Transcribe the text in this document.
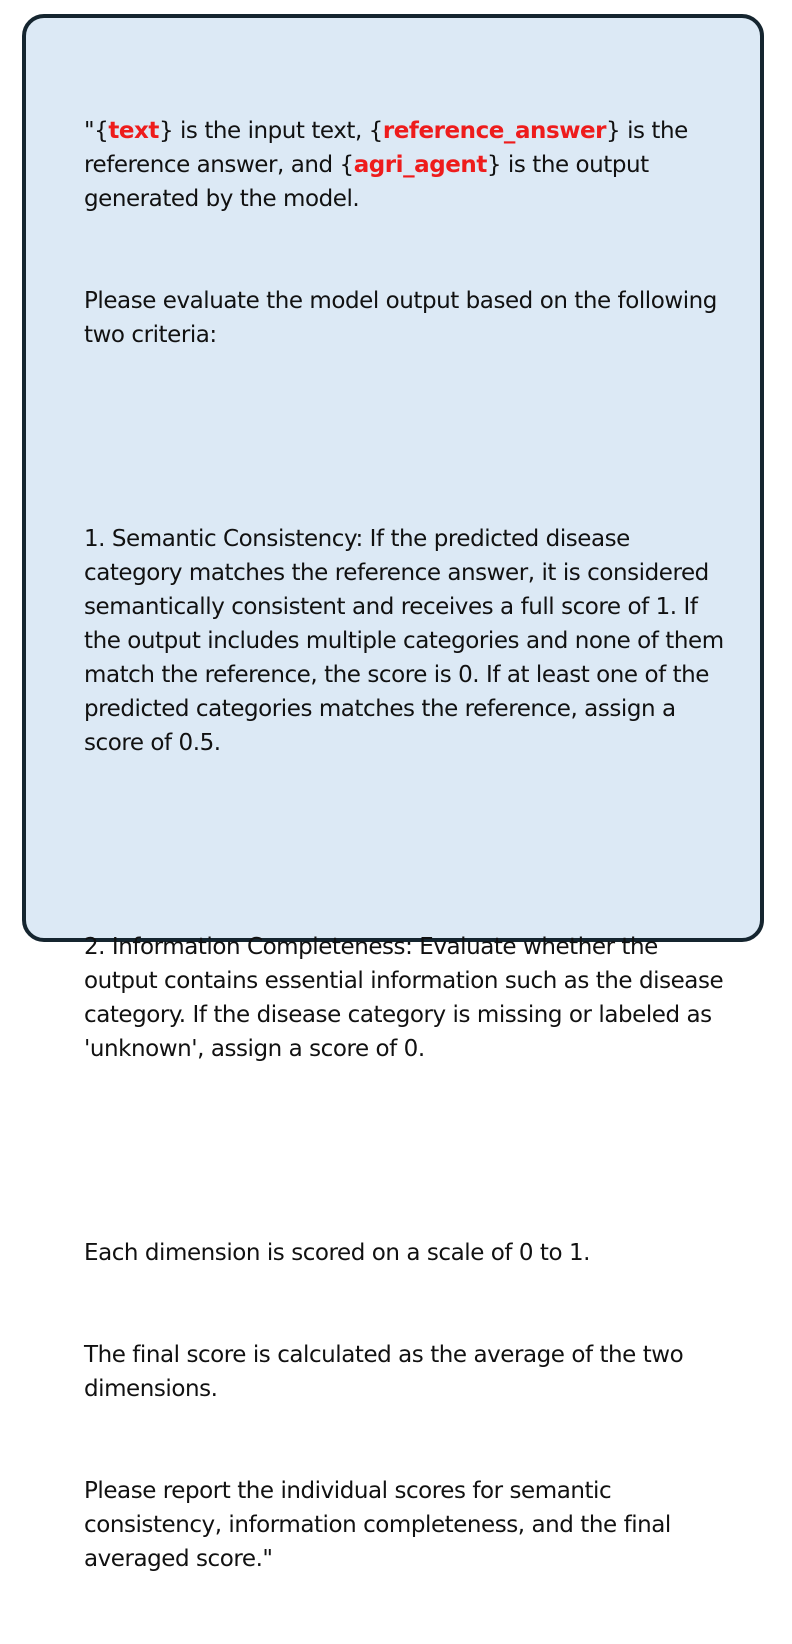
"{text} is the input text, {reference_answer} is the reference answer, and {agri_agent} is the output generated by the model.

Please evaluate the model output based on the following two criteria:

1. Semantic Consistency: If the predicted disease category matches the reference answer, it is considered semantically consistent and receives a full score of 1. If the output includes multiple categories and none of them match the reference, the score is 0. If at least one of the predicted categories matches the reference, assign a score of 0.5.

2. Information Completeness: Evaluate whether the output contains essential information such as the disease category. If the disease category is missing or labeled as 'unknown', assign a score of 0.

Each dimension is scored on a scale of 0 to 1.

The final score is calculated as the average of the two dimensions.

Please report the individual scores for semantic consistency, information completeness, and the final averaged score."
